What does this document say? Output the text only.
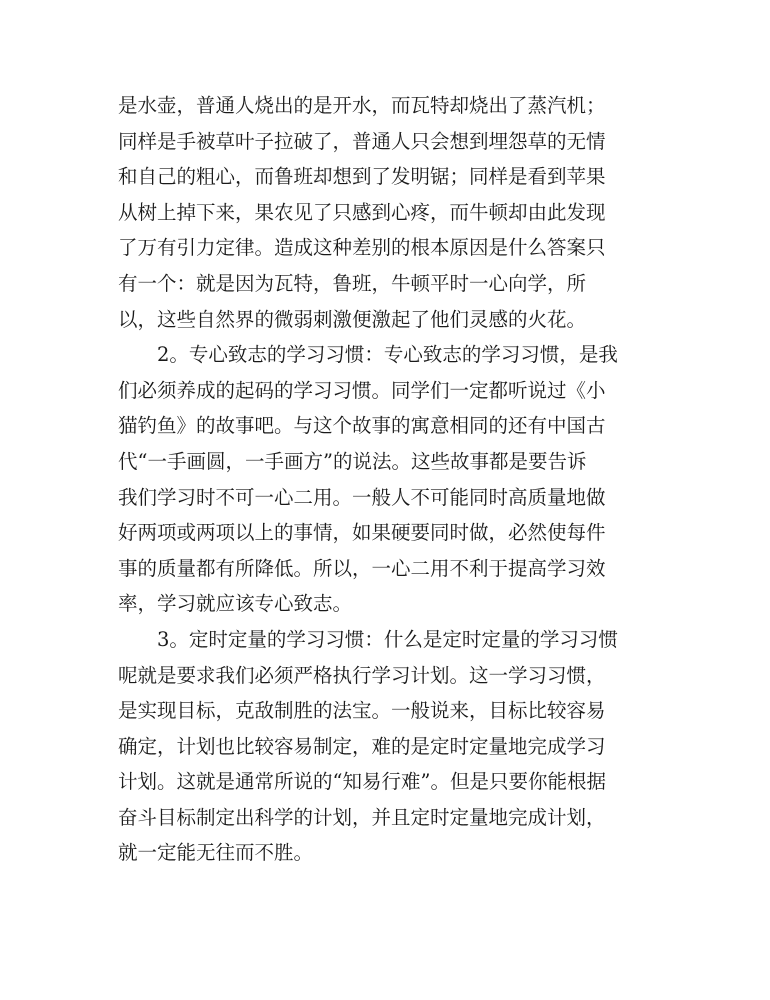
是水壶，普通人烧出的是开水，而瓦特却烧出了蒸汽机；
同样是手被草叶子拉破了，普通人只会想到埋怨草的无情
和自己的粗心，而鲁班却想到了发明锯；同样是看到苹果
从树上掉下来，果农见了只感到心疼，而牛顿却由此发现
了万有引力定律。造成这种差别的根本原因是什么答案只
有一个：就是因为瓦特，鲁班，牛顿平时一心向学，所
以，这些自然界的微弱刺激便激起了他们灵感的火花。
2。专心致志的学习习惯：专心致志的学习习惯，是我
们必须养成的起码的学习习惯。同学们一定都听说过《小
猫钓鱼》的故事吧。与这个故事的寓意相同的还有中国古
代“一手画圆，一手画方”的说法。这些故事都是要告诉
我们学习时不可一心二用。一般人不可能同时高质量地做
好两项或两项以上的事情，如果硬要同时做，必然使每件
事的质量都有所降低。所以，一心二用不利于提高学习效
率，学习就应该专心致志。
3。定时定量的学习习惯：什么是定时定量的学习习惯
呢就是要求我们必须严格执行学习计划。这一学习习惯，
是实现目标，克敌制胜的法宝。一般说来，目标比较容易
确定，计划也比较容易制定，难的是定时定量地完成学习
计划。这就是通常所说的“知易行难”。但是只要你能根据
奋斗目标制定出科学的计划，并且定时定量地完成计划，
就一定能无往而不胜。
